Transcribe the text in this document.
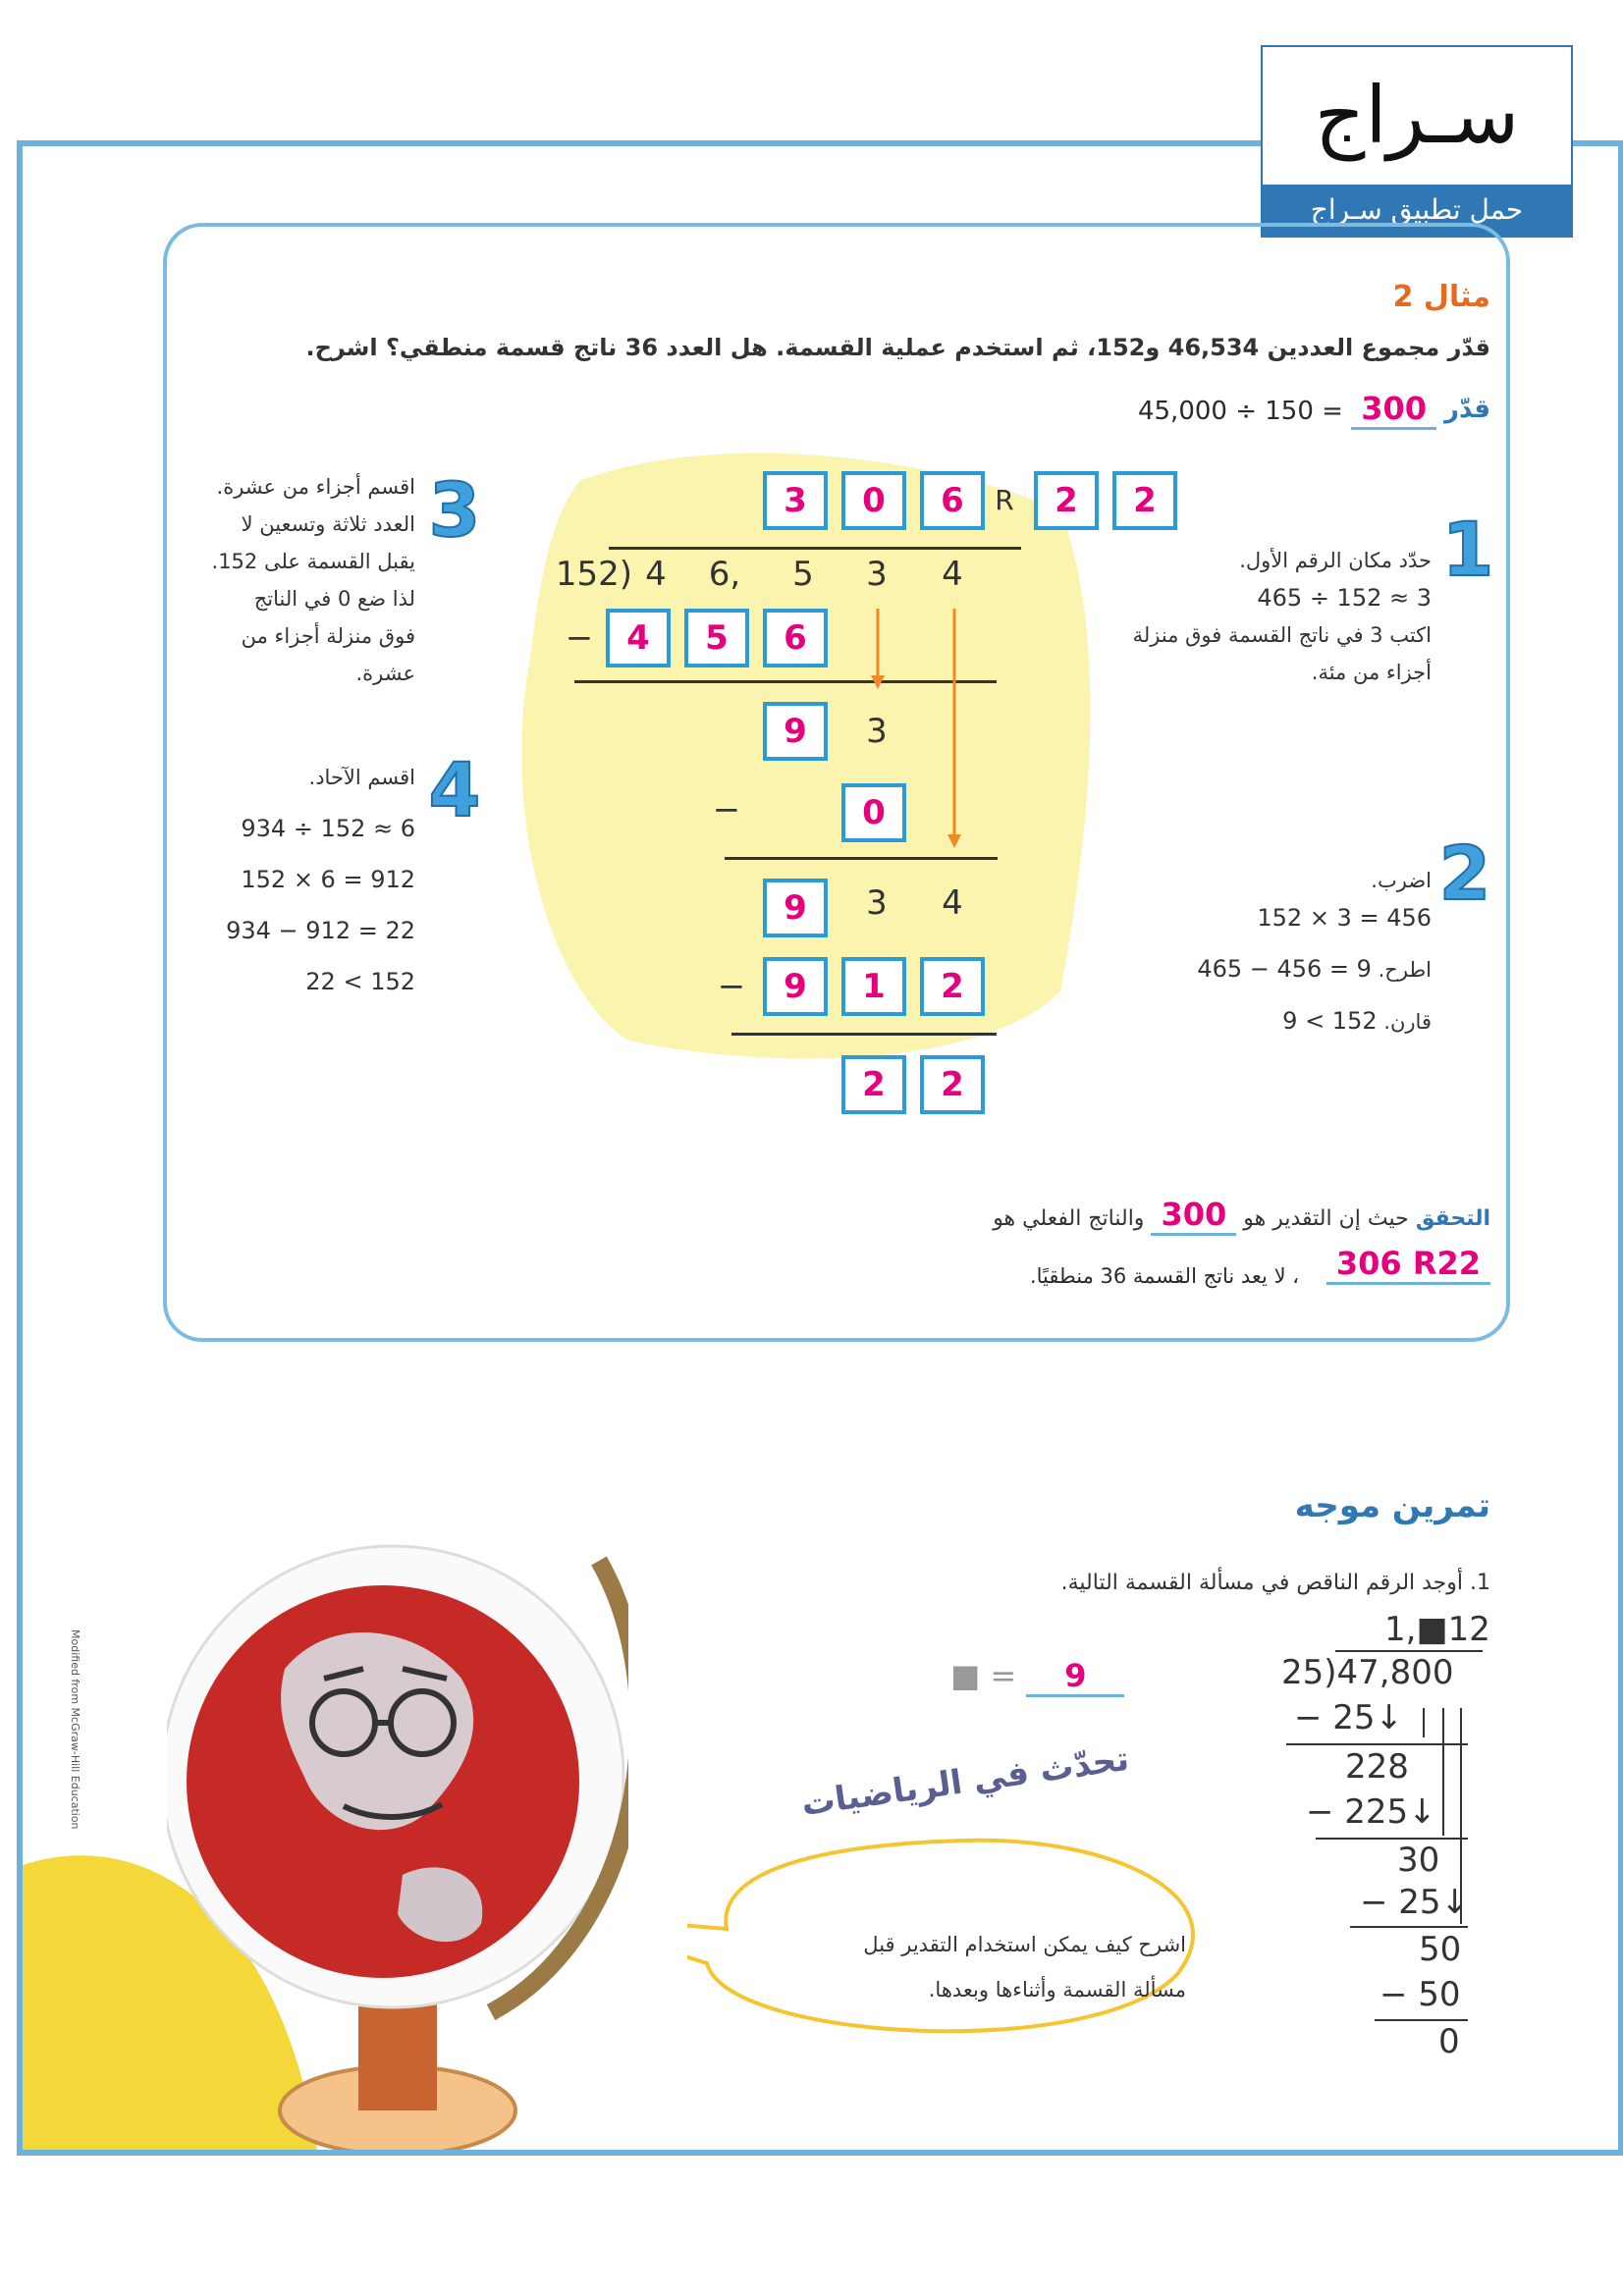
سـراج
حمل تطبيق سـراج
مثال 2
قدّر مجموع العددين 46,534 و152، ثم استخدم عملية القسمة. هل العدد 36 ناتج قسمة منطقي؟ اشرح.
قدّر
45,000 ÷ 150 = 300
3	0	6	R	2	2
152) 4	6,	5	3	4
− 4	5	6
9	3
−	0
9	3	4
−	9	1	2
2	2
1
حدّد مكان الرقم الأول.
465 ÷ 152 ≈ 3
اكتب 3 في ناتج القسمة فوق منزلة
أجزاء من مئة.
2
اضرب.
152 × 3 = 456
اطرح. 465 − 456 = 9
قارن. 9 < 152
3
اقسم أجزاء من عشرة.
العدد ثلاثة وتسعين لا
يقبل القسمة على 152.
لذا ضع 0 في الناتج
فوق منزلة أجزاء من
عشرة.
4
اقسم الآحاد.
934 ÷ 152 ≈ 6
152 × 6 = 912
934 − 912 = 22
22 < 152
التحقق حيث إن التقدير هو 300 والناتج الفعلي هو
306 R22
، لا يعد ناتج القسمة 36 منطقيًا.
تمرين موجه
1. أوجد الرقم الناقص في مسألة القسمة التالية.
■ = 9
1,■12
25)47,800
− 25↓
228
− 225↓
30
− 25↓
50
− 50
0
تحدّث في الرياضيات
اشرح كيف يمكن استخدام التقدير قبل
مسألة القسمة وأثناءها وبعدها.
Modified from McGraw-Hill Education
